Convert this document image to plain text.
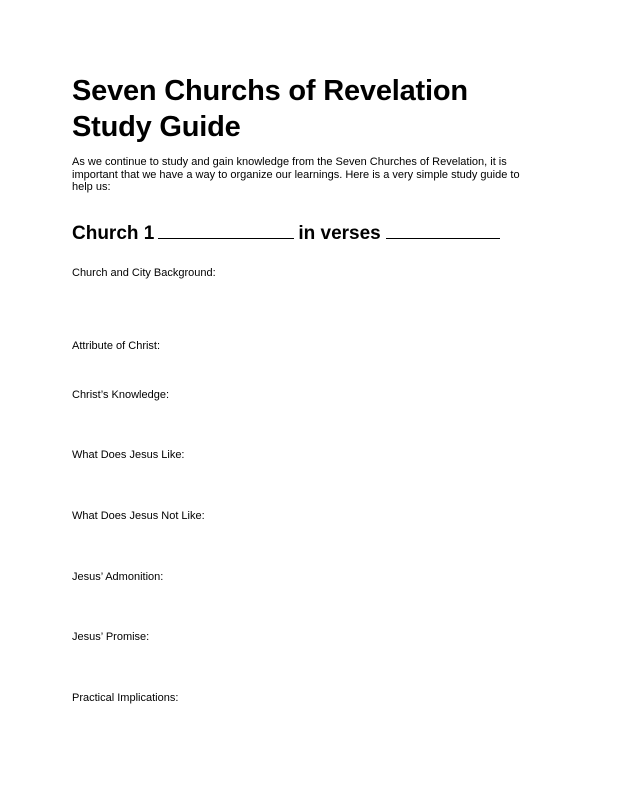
Seven Churchs of Revelation
Study Guide

As we continue to study and gain knowledge from the Seven Churches of Revelation, it is important that we have a way to organize our learnings. Here is a very simple study guide to help us:

Church 1	in verses

Church and City Background:

Attribute of Christ:

Christ’s Knowledge:

What Does Jesus Like:

What Does Jesus Not Like:

Jesus’ Admonition:

Jesus’ Promise:

Practical Implications:
